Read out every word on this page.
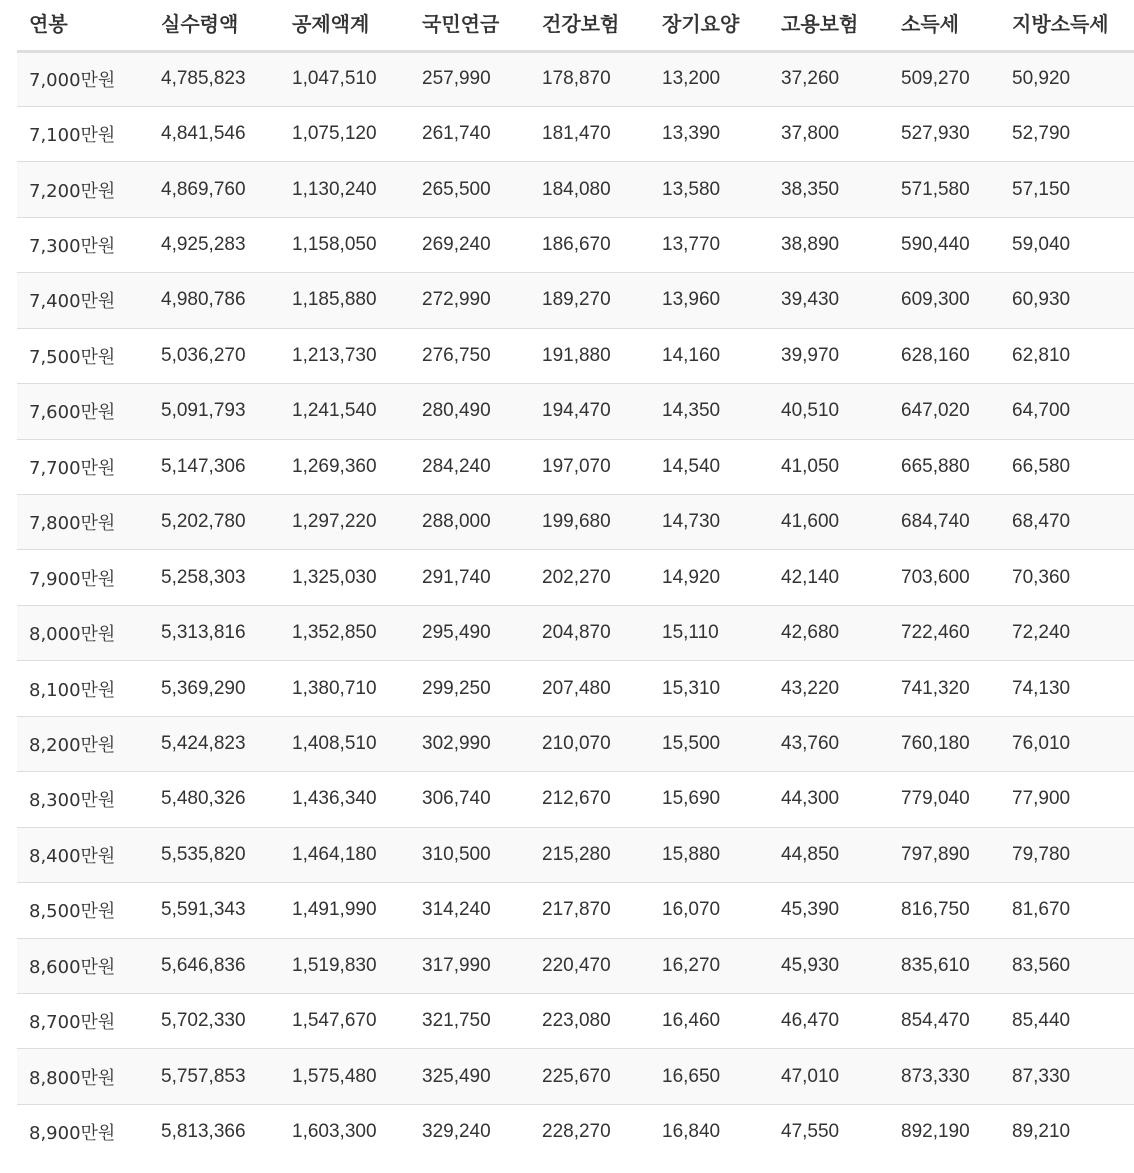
연봉	실수령액	공제액계	국민연금	건강보험	장기요양	고용보험	소득세	지방소득세
7,000만원	4,785,823	1,047,510	257,990	178,870	13,200	37,260	509,270	50,920
7,100만원	4,841,546	1,075,120	261,740	181,470	13,390	37,800	527,930	52,790
7,200만원	4,869,760	1,130,240	265,500	184,080	13,580	38,350	571,580	57,150
7,300만원	4,925,283	1,158,050	269,240	186,670	13,770	38,890	590,440	59,040
7,400만원	4,980,786	1,185,880	272,990	189,270	13,960	39,430	609,300	60,930
7,500만원	5,036,270	1,213,730	276,750	191,880	14,160	39,970	628,160	62,810
7,600만원	5,091,793	1,241,540	280,490	194,470	14,350	40,510	647,020	64,700
7,700만원	5,147,306	1,269,360	284,240	197,070	14,540	41,050	665,880	66,580
7,800만원	5,202,780	1,297,220	288,000	199,680	14,730	41,600	684,740	68,470
7,900만원	5,258,303	1,325,030	291,740	202,270	14,920	42,140	703,600	70,360
8,000만원	5,313,816	1,352,850	295,490	204,870	15,110	42,680	722,460	72,240
8,100만원	5,369,290	1,380,710	299,250	207,480	15,310	43,220	741,320	74,130
8,200만원	5,424,823	1,408,510	302,990	210,070	15,500	43,760	760,180	76,010
8,300만원	5,480,326	1,436,340	306,740	212,670	15,690	44,300	779,040	77,900
8,400만원	5,535,820	1,464,180	310,500	215,280	15,880	44,850	797,890	79,780
8,500만원	5,591,343	1,491,990	314,240	217,870	16,070	45,390	816,750	81,670
8,600만원	5,646,836	1,519,830	317,990	220,470	16,270	45,930	835,610	83,560
8,700만원	5,702,330	1,547,670	321,750	223,080	16,460	46,470	854,470	85,440
8,800만원	5,757,853	1,575,480	325,490	225,670	16,650	47,010	873,330	87,330
8,900만원	5,813,366	1,603,300	329,240	228,270	16,840	47,550	892,190	89,210
